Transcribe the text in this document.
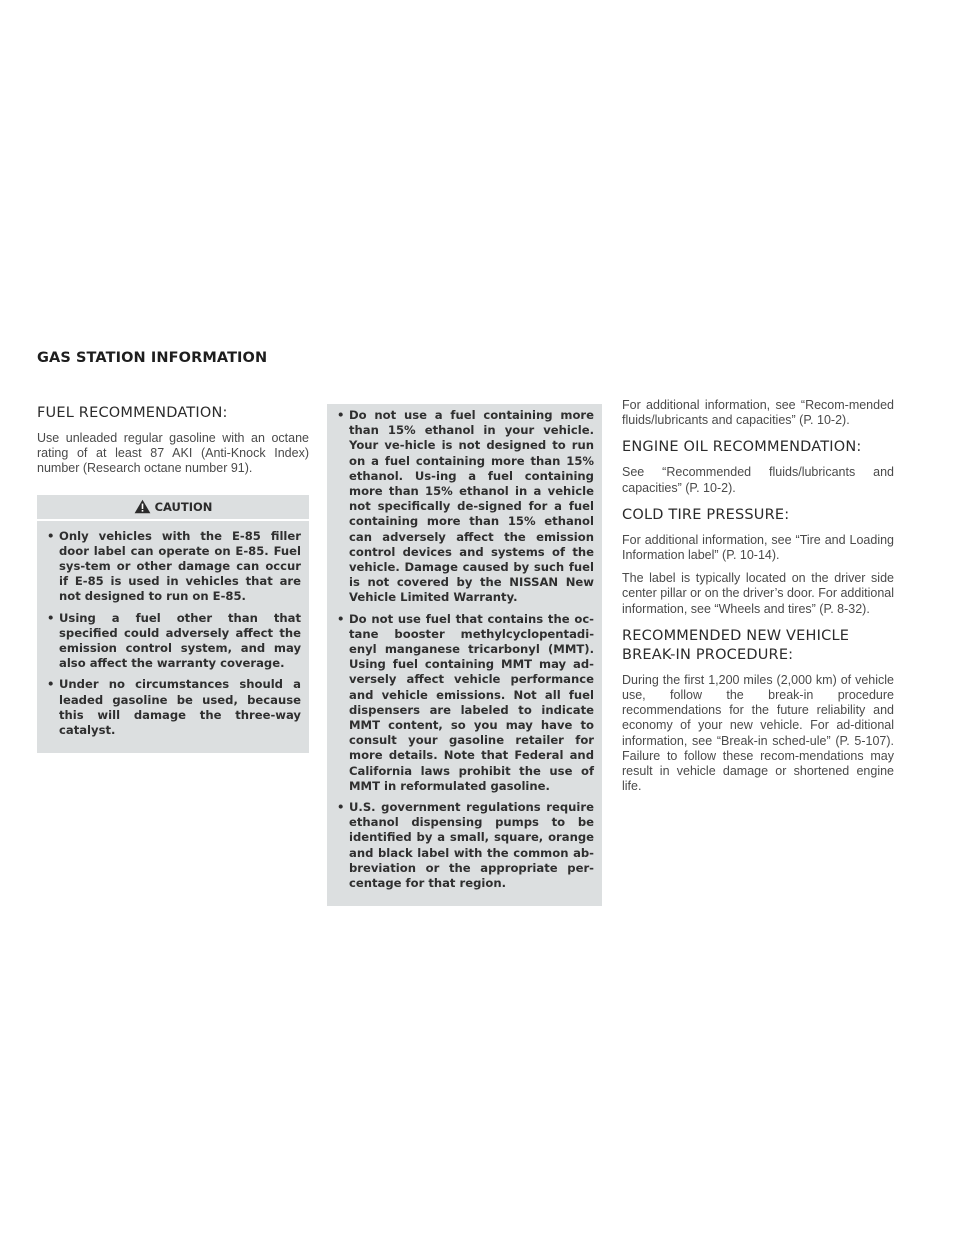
GAS STATION INFORMATION
FUEL RECOMMENDATION:

Use unleaded regular gasoline with an octane rating of at least 87 AKI (Anti-Knock Index) number (Research octane number 91).

CAUTION
• Only vehicles with the E-85 filler door label can operate on E-85. Fuel sys-tem or other damage can occur if E-85 is used in vehicles that are not designed to run on E-85.
• Using a fuel other than that specified could adversely affect the emission control system, and may also affect the warranty coverage.
• Under no circumstances should a leaded gasoline be used, because this will damage the three-way catalyst.
• Do not use a fuel containing more than 15% ethanol in your vehicle. Your ve-hicle is not designed to run on a fuel containing more than 15% ethanol. Us-ing a fuel containing more than 15% ethanol in a vehicle not specifically de-signed for a fuel containing more than 15% ethanol can adversely affect the emission control devices and systems of the vehicle. Damage caused by such fuel is not covered by the NISSAN New Vehicle Limited Warranty.
• Do not use fuel that contains the oc-tane booster methylcyclopentadi-enyl manganese tricarbonyl (MMT). Using fuel containing MMT may ad-versely affect vehicle performance and vehicle emissions. Not all fuel dispensers are labeled to indicate MMT content, so you may have to consult your gasoline retailer for more details. Note that Federal and California laws prohibit the use of MMT in reformulated gasoline.
• U.S. government regulations require ethanol dispensing pumps to be identified by a small, square, orange and black label with the common ab-breviation or the appropriate per-centage for that region.

For additional information, see “Recom-mended fluids/lubricants and capacities” (P. 10-2).

ENGINE OIL RECOMMENDATION:

See “Recommended fluids/lubricants and capacities” (P. 10-2).

COLD TIRE PRESSURE:

For additional information, see “Tire and Loading Information label” (P. 10-14).

The label is typically located on the driver side center pillar or on the driver’s door. For additional information, see “Wheels and tires” (P. 8-32).

RECOMMENDED NEW VEHICLE
BREAK-IN PROCEDURE:

During the first 1,200 miles (2,000 km) of vehicle use, follow the break-in procedure recommendations for the future reliability and economy of your new vehicle. For ad-ditional information, see “Break-in sched-ule” (P. 5-107). Failure to follow these recom-mendations may result in vehicle damage or shortened engine life.
